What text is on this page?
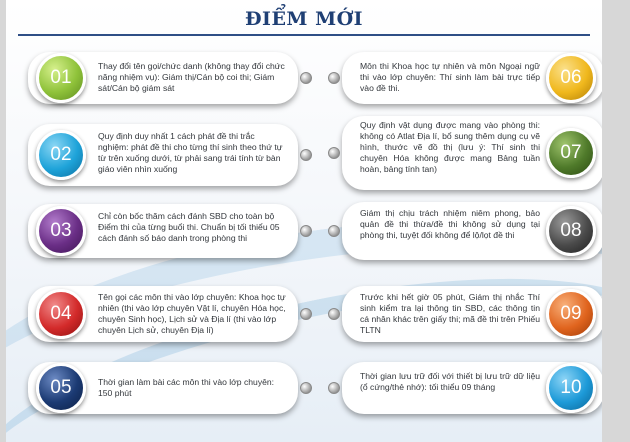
ĐIỂM MỚI
01
Thay đổi tên gọi/chức danh (không thay đổi chức năng nhiệm vụ): Giám thị/Cán bộ coi thi; Giám sát/Cán bộ giám sát
02
Quy định duy nhất 1 cách phát đề thi trắc nghiệm: phát đề thi cho từng thí sinh theo thứ tự từ trên xuống dưới, từ phải sang trái tính từ bàn giáo viên nhìn xuống
03
Chỉ còn bốc thăm cách đánh SBD cho toàn bộ Điểm thi của từng buổi thi. Chuẩn bị tối thiểu 05 cách đánh số báo danh trong phòng thi
04
Tên gọi các môn thi vào lớp chuyên: Khoa học tự nhiên (thi vào lớp chuyên Vật lí, chuyên Hóa học, chuyên Sinh học), Lịch sử và Địa lí (thi vào lớp chuyên Lịch sử, chuyên Địa lí)
05	Thời gian làm bài các môn thi vào lớp chuyên: 150 phút
06
Môn thi Khoa học tự nhiên và môn Ngoại ngữ thi vào lớp chuyên: Thí sinh làm bài trực tiếp vào đề thi.
07
Quy định vật dụng được mang vào phòng thi: không có Atlat Địa lí, bổ sung thêm dụng cụ vẽ hình, thước vẽ đồ thị (lưu ý: Thí sinh thi chuyên Hóa không được mang Bảng tuần hoàn, bảng tính tan)
08
Giám thị chịu trách nhiệm niêm phong, bảo quản đề thi thừa/đề thi không sử dụng tại phòng thi, tuyệt đối không để lộ/lọt đề thi
09
Trước khi hết giờ 05 phút, Giám thị nhắc Thí sinh kiểm tra lại thông tin SBD, các thông tin cá nhân khác trên giấy thi; mã đề thi trên Phiếu TLTN
10
Thời gian lưu trữ đối với thiết bị lưu trữ dữ liệu (ổ cứng/thẻ nhớ): tối thiểu 09 tháng
